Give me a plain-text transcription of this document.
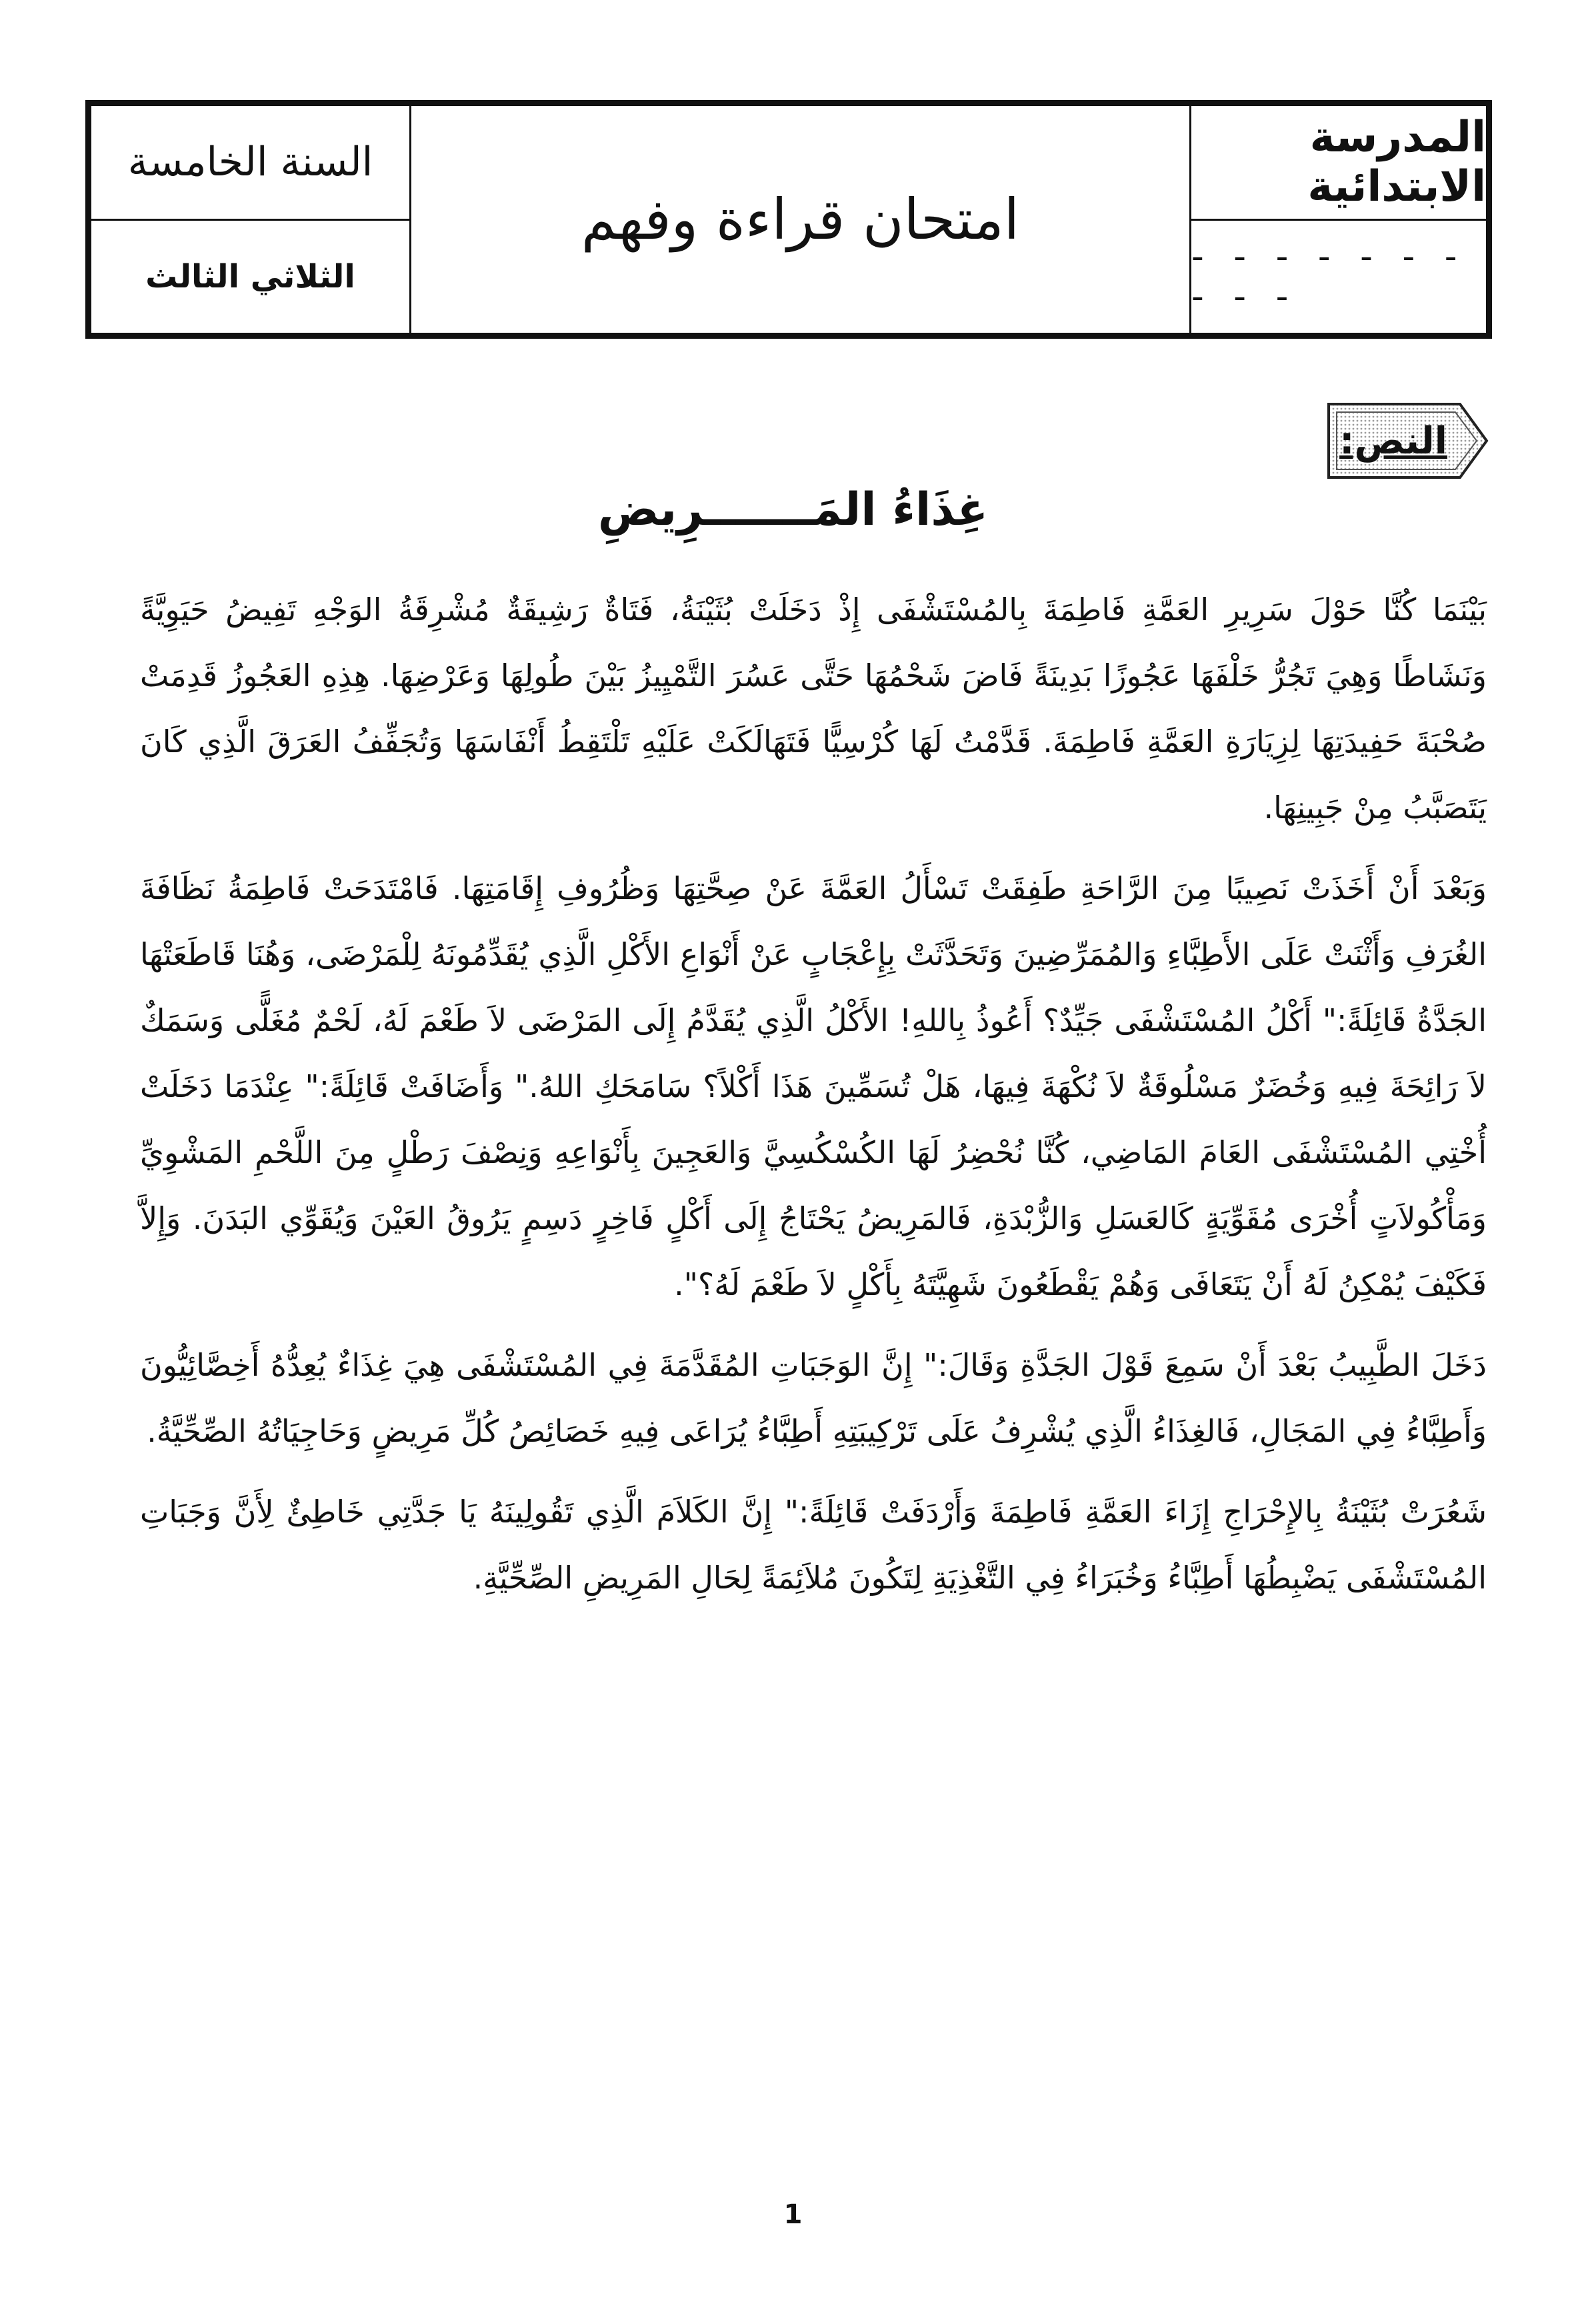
المدرسة الابتدائية
- - - - - - - - - -
امتحان قراءة وفهم
السنة الخامسة
الثلاثي الثالث
النص:
غِذَاءُ المَـــــــرِيضِ

بَيْنَمَا كُنَّا حَوْلَ سَرِيرِ العَمَّةِ فَاطِمَةَ بِالمُسْتَشْفَى إِذْ دَخَلَتْ بُثَيْنَةُ، فَتَاةٌ رَشِيقَةٌ مُشْرِقَةُ الوَجْهِ تَفِيضُ حَيَوِيَّةً وَنَشَاطًا وَهِيَ تَجُرُّ خَلْفَهَا عَجُوزًا بَدِينَةً فَاضَ شَحْمُهَا حَتَّى عَسُرَ التَّمْيِيزُ بَيْنَ طُولِهَا وَعَرْضِهَا. هِذِهِ العَجُوزُ قَدِمَتْ صُحْبَةَ حَفِيدَتِهَا لِزِيَارَةِ العَمَّةِ فَاطِمَةَ. قَدَّمْتُ لَهَا كُرْسِيًّا فَتَهَالَكَتْ عَلَيْهِ تَلْتَقِطُ أَنْفَاسَهَا وَتُجَفِّفُ العَرَقَ الَّذِي كَانَ يَتَصَبَّبُ مِنْ جَبِينِهَا.

وَبَعْدَ أَنْ أَخَذَتْ نَصِيبًا مِنَ الرَّاحَةِ طَفِقَتْ تَسْأَلُ العَمَّةَ عَنْ صِحَّتِهَا وَظُرُوفِ إِقَامَتِهَا. فَامْتَدَحَتْ فَاطِمَةُ نَظَافَةَ الغُرَفِ وَأَثْنَتْ عَلَى الأَطِبَّاءِ وَالمُمَرِّضِينَ وَتَحَدَّثَتْ بِإِعْجَابٍ عَنْ أَنْوَاعِ الأَكْلِ الَّذِي يُقَدِّمُونَهُ لِلْمَرْضَى، وَهُنَا قَاطَعَتْهَا الجَدَّةُ قَائِلَةً:" أَكْلُ المُسْتَشْفَى جَيِّدٌ؟ أَعُوذُ بِاللهِ! الأَكْلُ الَّذِي يُقَدَّمُ إِلَى المَرْضَى لاَ طَعْمَ لَهُ، لَحْمٌ مُغَلًّى وَسَمَكٌ لاَ رَائِحَةَ فِيهِ وَخُضَرٌ مَسْلُوقَةٌ لاَ نُكْهَةَ فِيهَا، هَلْ تُسَمِّينَ هَذَا أَكْلاً؟ سَامَحَكِ اللهُ." وَأَضَافَتْ قَائِلَةً:" عِنْدَمَا دَخَلَتْ أُخْتِي المُسْتَشْفَى العَامَ المَاضِي، كُنَّا نُحْضِرُ لَهَا الكُسْكُسِيَّ وَالعَجِينَ بِأَنْوَاعِهِ وَنِصْفَ رَطْلٍ مِنَ اللَّحْمِ المَشْوِيِّ وَمَأْكُولاَتٍ أُخْرَى مُقَوِّيَةٍ كَالعَسَلِ وَالزُّبْدَةِ، فَالمَرِيضُ يَحْتَاجُ إِلَى أَكْلٍ فَاخِرٍ دَسِمٍ يَرُوقُ العَيْنَ وَيُقَوِّي البَدَنَ. وَإِلاَّ فَكَيْفَ يُمْكِنُ لَهُ أَنْ يَتَعَافَى وَهُمْ يَقْطَعُونَ شَهِيَّتَهُ بِأَكْلٍ لاَ طَعْمَ لَهُ؟".

دَخَلَ الطَّبِيبُ بَعْدَ أَنْ سَمِعَ قَوْلَ الجَدَّةِ وَقَالَ:" إِنَّ الوَجَبَاتِ المُقَدَّمَةَ فِي المُسْتَشْفَى هِيَ غِذَاءٌ يُعِدُّهُ أَخِصَّائِيُّونَ وَأَطِبَّاءُ فِي المَجَالِ، فَالغِذَاءُ الَّذِي يُشْرِفُ عَلَى تَرْكِيبَتِهِ أَطِبَّاءُ يُرَاعَى فِيهِ خَصَائِصُ كُلِّ مَرِيضٍ وَحَاجِيَاتُهُ الصِّحِّيَّةُ.

شَعُرَتْ بُثَيْنَةُ بِالإِحْرَاجِ إِزَاءَ العَمَّةِ فَاطِمَةَ وَأَرْدَفَتْ قَائِلَةً:" إِنَّ الكَلاَمَ الَّذِي تَقُولِينَهُ يَا جَدَّتِي خَاطِئٌ لِأَنَّ وَجَبَاتِ المُسْتَشْفَى يَضْبِطُهَا أَطِبَّاءُ وَخُبَرَاءُ فِي التَّغْذِيَةِ لِتَكُونَ مُلاَئِمَةً لِحَالِ المَرِيضِ الصِّحِّيَّةِ.

1
